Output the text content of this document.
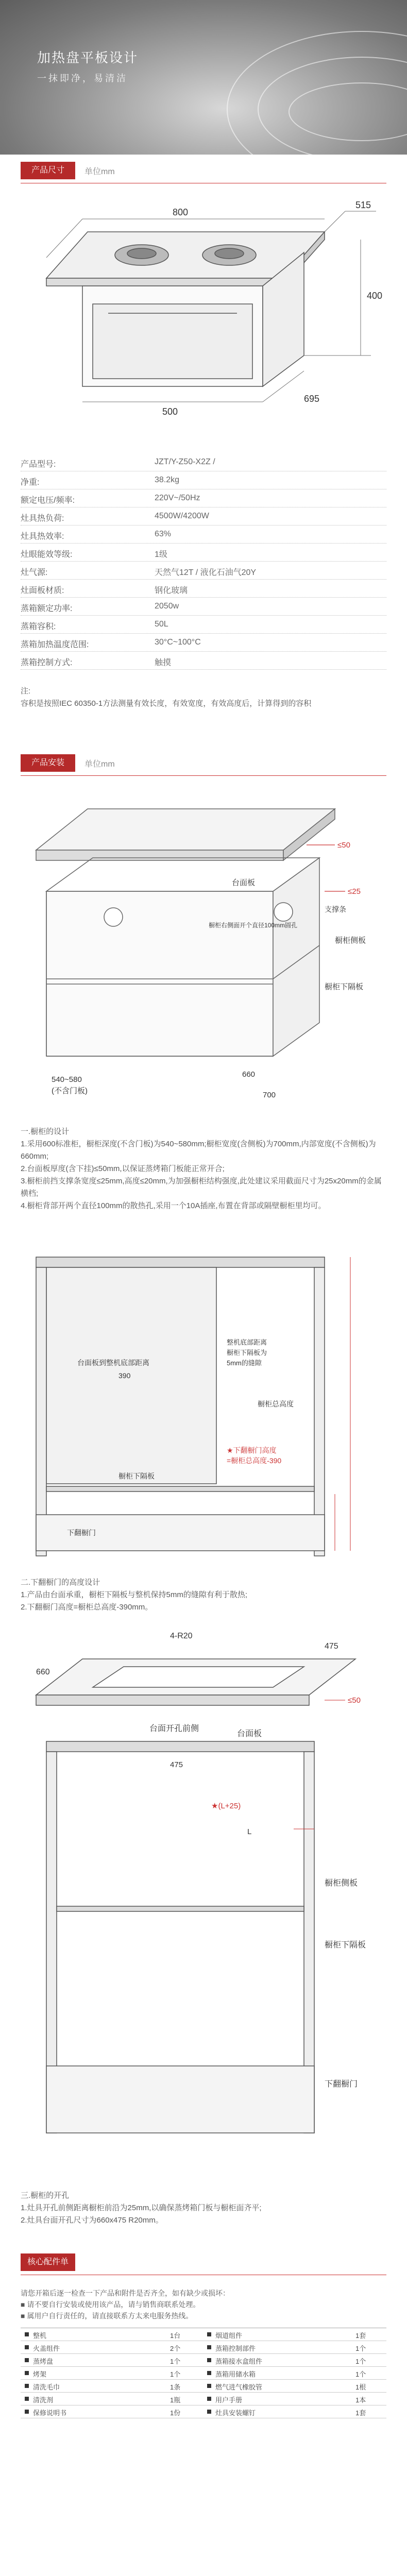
加热盘平板设计
一抹即净，易清洁
产品尺寸	单位mm
800
515
400
500
695
产品型号:	JZT/Y-Z50-X2Z /
净重:	38.2kg
额定电压/频率:	220V~/50Hz
灶具热负荷:	4500W/4200W
灶具热效率:	63%
灶眼能效等级:	1级
灶气源:	天然气12T / 液化石油气20Y
灶面板材质:	钢化玻璃
蒸箱额定功率:	2050w
蒸箱容积:	50L
蒸箱加热温度范围:	30°C~100°C
蒸箱控制方式:	触摸
注:
容积是按照IEC 60350-1方法测量有效长度，有效宽度，有效高度后，计算得到的容积
产品安装	单位mm
≤50
≤25
台面板
支撑条
橱柜右侧面开个直径100mm圆孔
橱柜侧板
橱柜下隔板
540~580
(不含门板)
660
700
一.橱柜的设计
1.采用600标准柜，橱柜深度(不含门板)为540~580mm;橱柜宽度(含侧板)为700mm,内部宽度(不含侧板)为660mm;
2.台面板厚度(含下挂)≤50mm,以保证蒸烤箱门板能正常开合;
3.橱柜前挡支撑条宽度≤25mm,高度≤20mm,为加强橱柜结构强度,此处建议采用截面尺寸为25x20mm的金属横档;
4.橱柜背部开两个直径100mm的散热孔,采用一个10A插座,布置在背部或隔壁橱柜里均可。
台面板到整机底部距离
390
整机底部距离
橱柜下隔板为
5mm的缝隙
橱柜下隔板
橱柜总高度
下翻橱门
★下翻橱门高度
=橱柜总高度-390
二.下翻橱门的高度设计
1.产品由台面承重，橱柜下隔板与整机保持5mm的缝隙有利于散热;
2.下翻橱门高度=橱柜总高度-390mm。
4-R20
660
475
≤50
台面开孔前侧
台面板
475
★(L+25)
L
橱柜侧板
橱柜下隔板
下翻橱门
三.橱柜的开孔
1.灶具开孔前侧距离橱柜前沿为25mm,以确保蒸烤箱门板与橱柜面齐平;
2.灶具台面开孔尺寸为660x475 R20mm。
核心配件单
请您开箱后逐一检查一下产品和附件是否齐全，如有缺少或损坏：
■ 请不要自行安装或使用该产品，请与销售商联系处理。
■ 属用户自行责任的，请直接联系方太来电服务热线。
整机	1台	烟道组件	1套
火盖组件	2个	蒸箱控制部件	1个
蒸烤盘	1个	蒸箱接水盒组件	1个
烤架	1个	蒸箱用储水箱	1个
清洗毛巾	1条	燃气进气橡胶管	1根
清洗剂	1瓶	用户手册	1本
保修说明书	1份	灶具安装螺钉	1套
